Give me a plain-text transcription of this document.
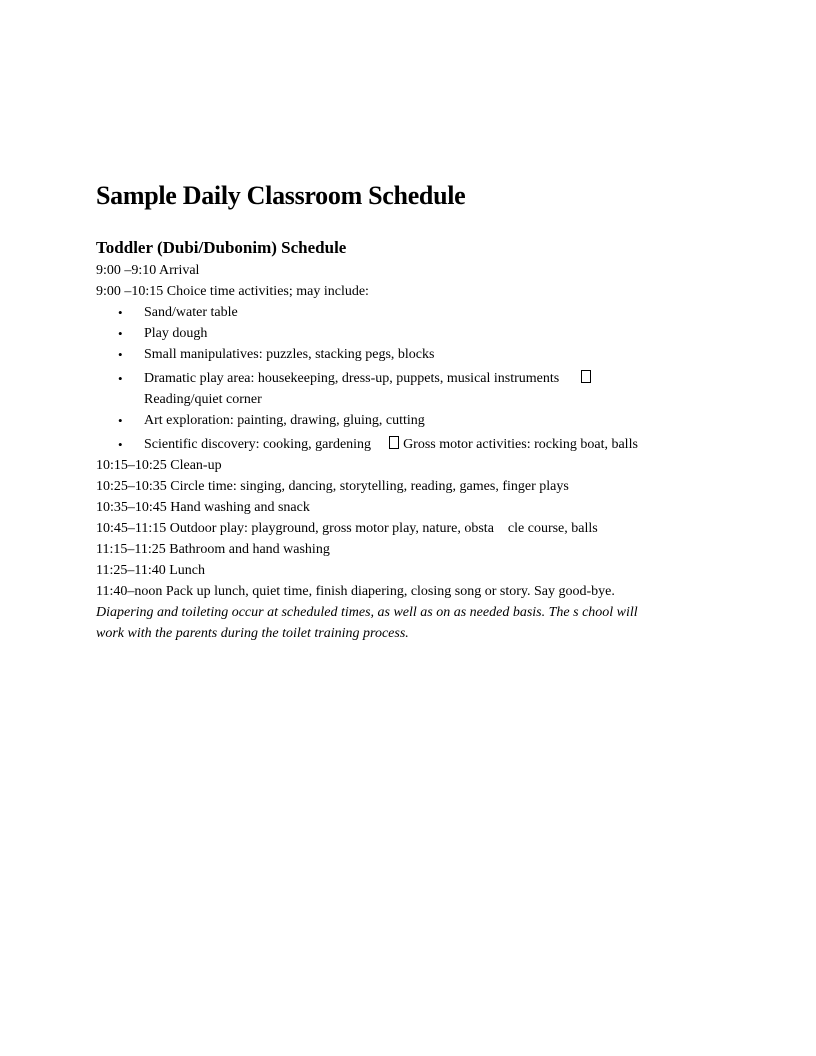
Sample Daily Classroom Schedule
Toddler (Dubi/Dubonim) Schedule
9:00 –9:10 Arrival
9:00 –10:15 Choice time activities; may include:
• Sand/water table
• Play dough
• Small manipulatives: puzzles, stacking pegs, blocks
• Dramatic play area: housekeeping, dress-up, puppets, musical instruments
Reading/quiet corner
• Art exploration: painting, drawing, gluing, cutting
• Scientific discovery: cooking, gardening Gross motor activities: rocking boat, balls
10:15–10:25 Clean-up
10:25–10:35 Circle time: singing, dancing, storytelling, reading, games, finger plays
10:35–10:45 Hand washing and snack
10:45–11:15 Outdoor play: playground, gross motor play, nature, obsta cle course, balls
11:15–11:25 Bathroom and hand washing
11:25–11:40 Lunch
11:40–noon Pack up lunch, quiet time, finish diapering, closing song or story. Say good-bye.
Diapering and toileting occur at scheduled times, as well as on as needed basis. The s chool will
work with the parents during the toilet training process.
